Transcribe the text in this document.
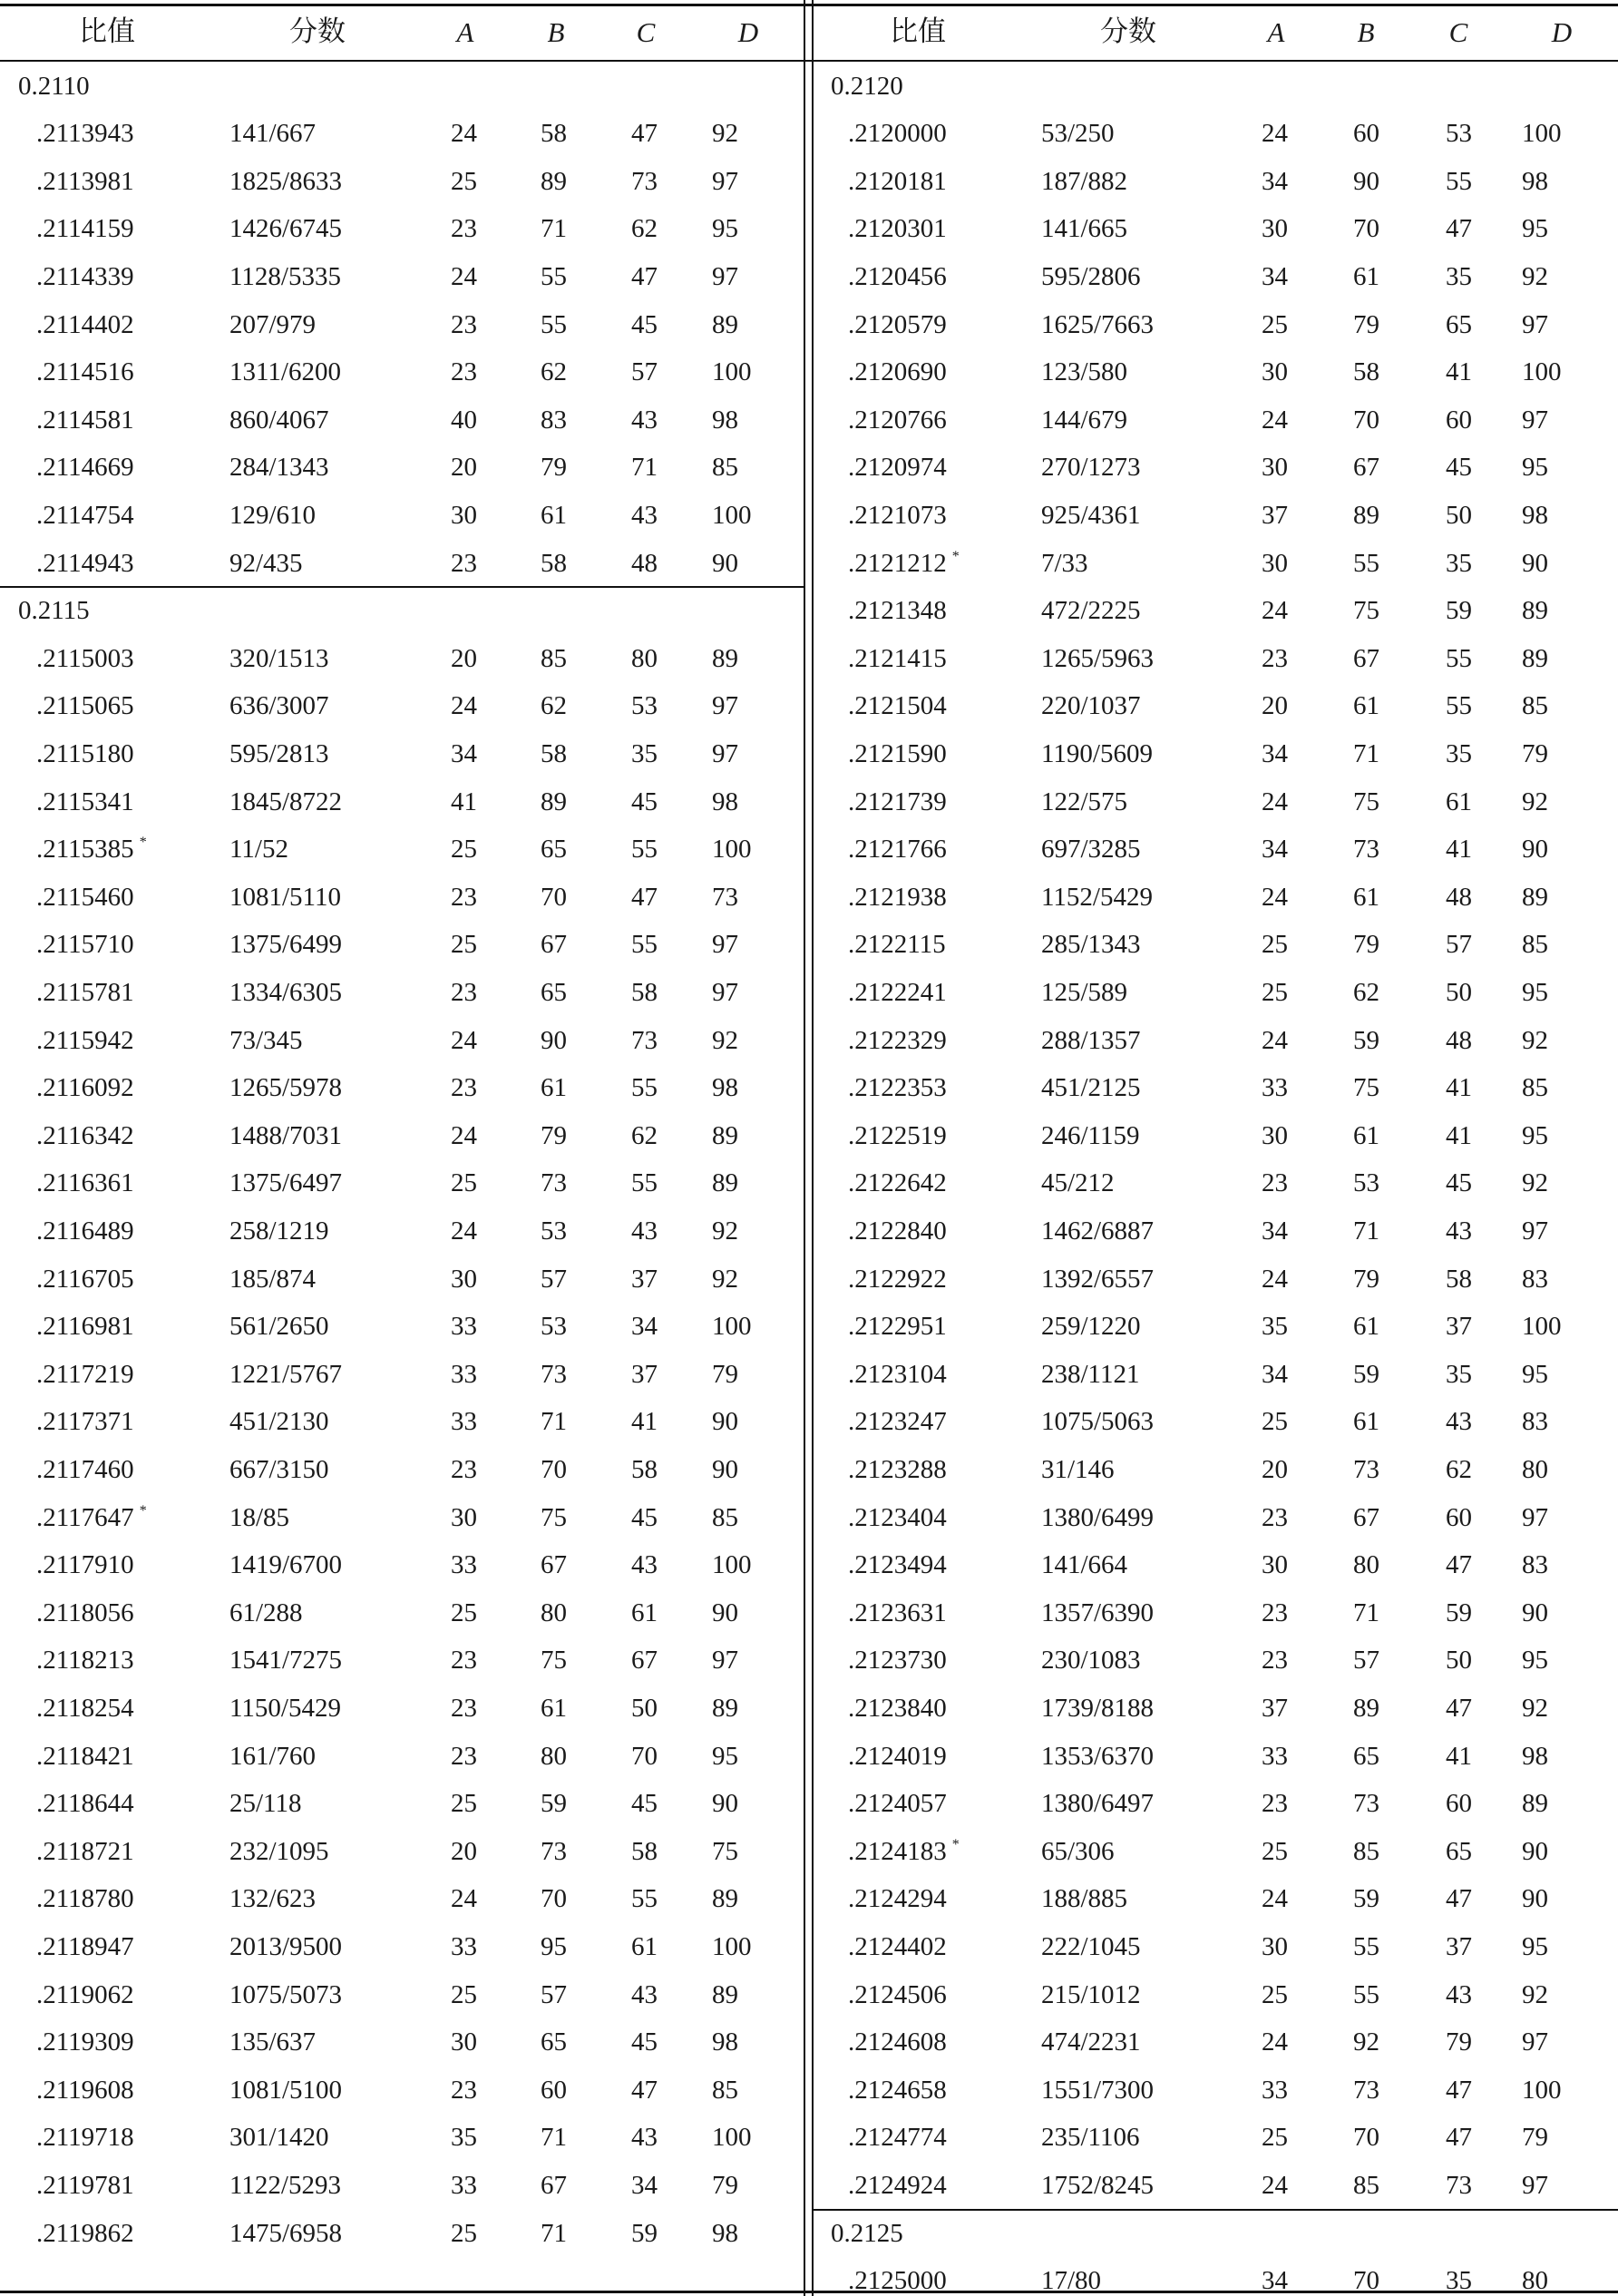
比值	分数	A	B	C	D	比值	分数	A	B	C	D
0.2110
.2113943	141/667	24 58 47 92
.2113981	1825/8633	25 89 73 97
.2114159	1426/6745	23 71 62 95
.2114339	1128/5335	24 55 47 97
.2114402	207/979	23 55 45 89
.2114516	1311/6200	23 62 57 100
.2114581	860/4067	40 83 43 98
.2114669	284/1343	20 79 71 85
.2114754	129/610	30 61 43 100
.2114943	92/435	23 58 48 90
0.2115
.2115003	320/1513	20 85 80 89
.2115065	636/3007	24 62 53 97
.2115180	595/2813	34 58 35 97
.2115341	1845/8722	41 89 45 98
.2115385 *	11/52	25 65 55 100
.2115460	1081/5110	23 70 47 73
.2115710	1375/6499	25 67 55 97
.2115781	1334/6305	23 65 58 97
.2115942	73/345	24 90 73 92
.2116092	1265/5978	23 61 55 98
.2116342	1488/7031	24 79 62 89
.2116361	1375/6497	25 73 55 89
.2116489	258/1219	24 53 43 92
.2116705	185/874	30 57 37 92
.2116981	561/2650	33 53 34 100
.2117219	1221/5767	33 73 37 79
.2117371	451/2130	33 71 41 90
.2117460	667/3150	23 70 58 90
.2117647 *	18/85	30 75 45 85
.2117910	1419/6700	33 67 43 100
.2118056	61/288	25 80 61 90
.2118213	1541/7275	23 75 67 97
.2118254	1150/5429	23 61 50 89
.2118421	161/760	23 80 70 95
.2118644	25/118	25 59 45 90
.2118721	232/1095	20 73 58 75
.2118780	132/623	24 70 55 89
.2118947	2013/9500	33 95 61 100
.2119062	1075/5073	25 57 43 89
.2119309	135/637	30 65 45 98
.2119608	1081/5100	23 60 47 85
.2119718	301/1420	35 71 43 100
.2119781	1122/5293	33 67 34 79
.2119862	1475/6958	25 71 59 98
0.2120
.2120000	53/250	24 60	53 100
.2120181	187/882	34 90	55 98
.2120301	141/665	30 70	47 95
.2120456	595/2806	34 61	35 92
.2120579	1625/7663	25 79	65 97
.2120690	123/580	30 58	41 100
.2120766	144/679	24 70	60 97
.2120974	270/1273	30 67	45 95
.2121073	925/4361	37 89	50 98
.2121212 *	7/33	30 55	35 90
.2121348	472/2225	24 75	59 89
.2121415	1265/5963	23 67	55 89
.2121504	220/1037	20 61	55 85
.2121590	1190/5609	34 71	35 79
.2121739	122/575	24 75	61 92
.2121766	697/3285	34 73	41 90
.2121938	1152/5429	24 61	48 89
.2122115	285/1343	25 79	57 85
.2122241	125/589	25 62	50 95
.2122329	288/1357	24 59	48 92
.2122353	451/2125	33 75	41 85
.2122519	246/1159	30 61	41 95
.2122642	45/212	23 53	45 92
.2122840	1462/6887	34 71	43 97
.2122922	1392/6557	24 79	58 83
.2122951	259/1220	35 61	37 100
.2123104	238/1121	34 59	35 95
.2123247	1075/5063	25 61	43 83
.2123288	31/146	20 73	62 80
.2123404	1380/6499	23 67	60 97
.2123494	141/664	30 80	47 83
.2123631	1357/6390	23 71	59 90
.2123730	230/1083	23 57	50 95
.2123840	1739/8188	37 89	47 92
.2124019	1353/6370	33 65	41 98
.2124057	1380/6497	23 73	60 89
.2124183 *	65/306	25 85	65 90
.2124294	188/885	24 59	47 90
.2124402	222/1045	30 55	37 95
.2124506	215/1012	25 55	43 92
.2124608	474/2231	24 92	79 97
.2124658	1551/7300	33 73	47 100
.2124774	235/1106	25 70	47 79
.2124924	1752/8245	24 85	73 97
0.2125
.2125000	17/80	34 70	35 80
